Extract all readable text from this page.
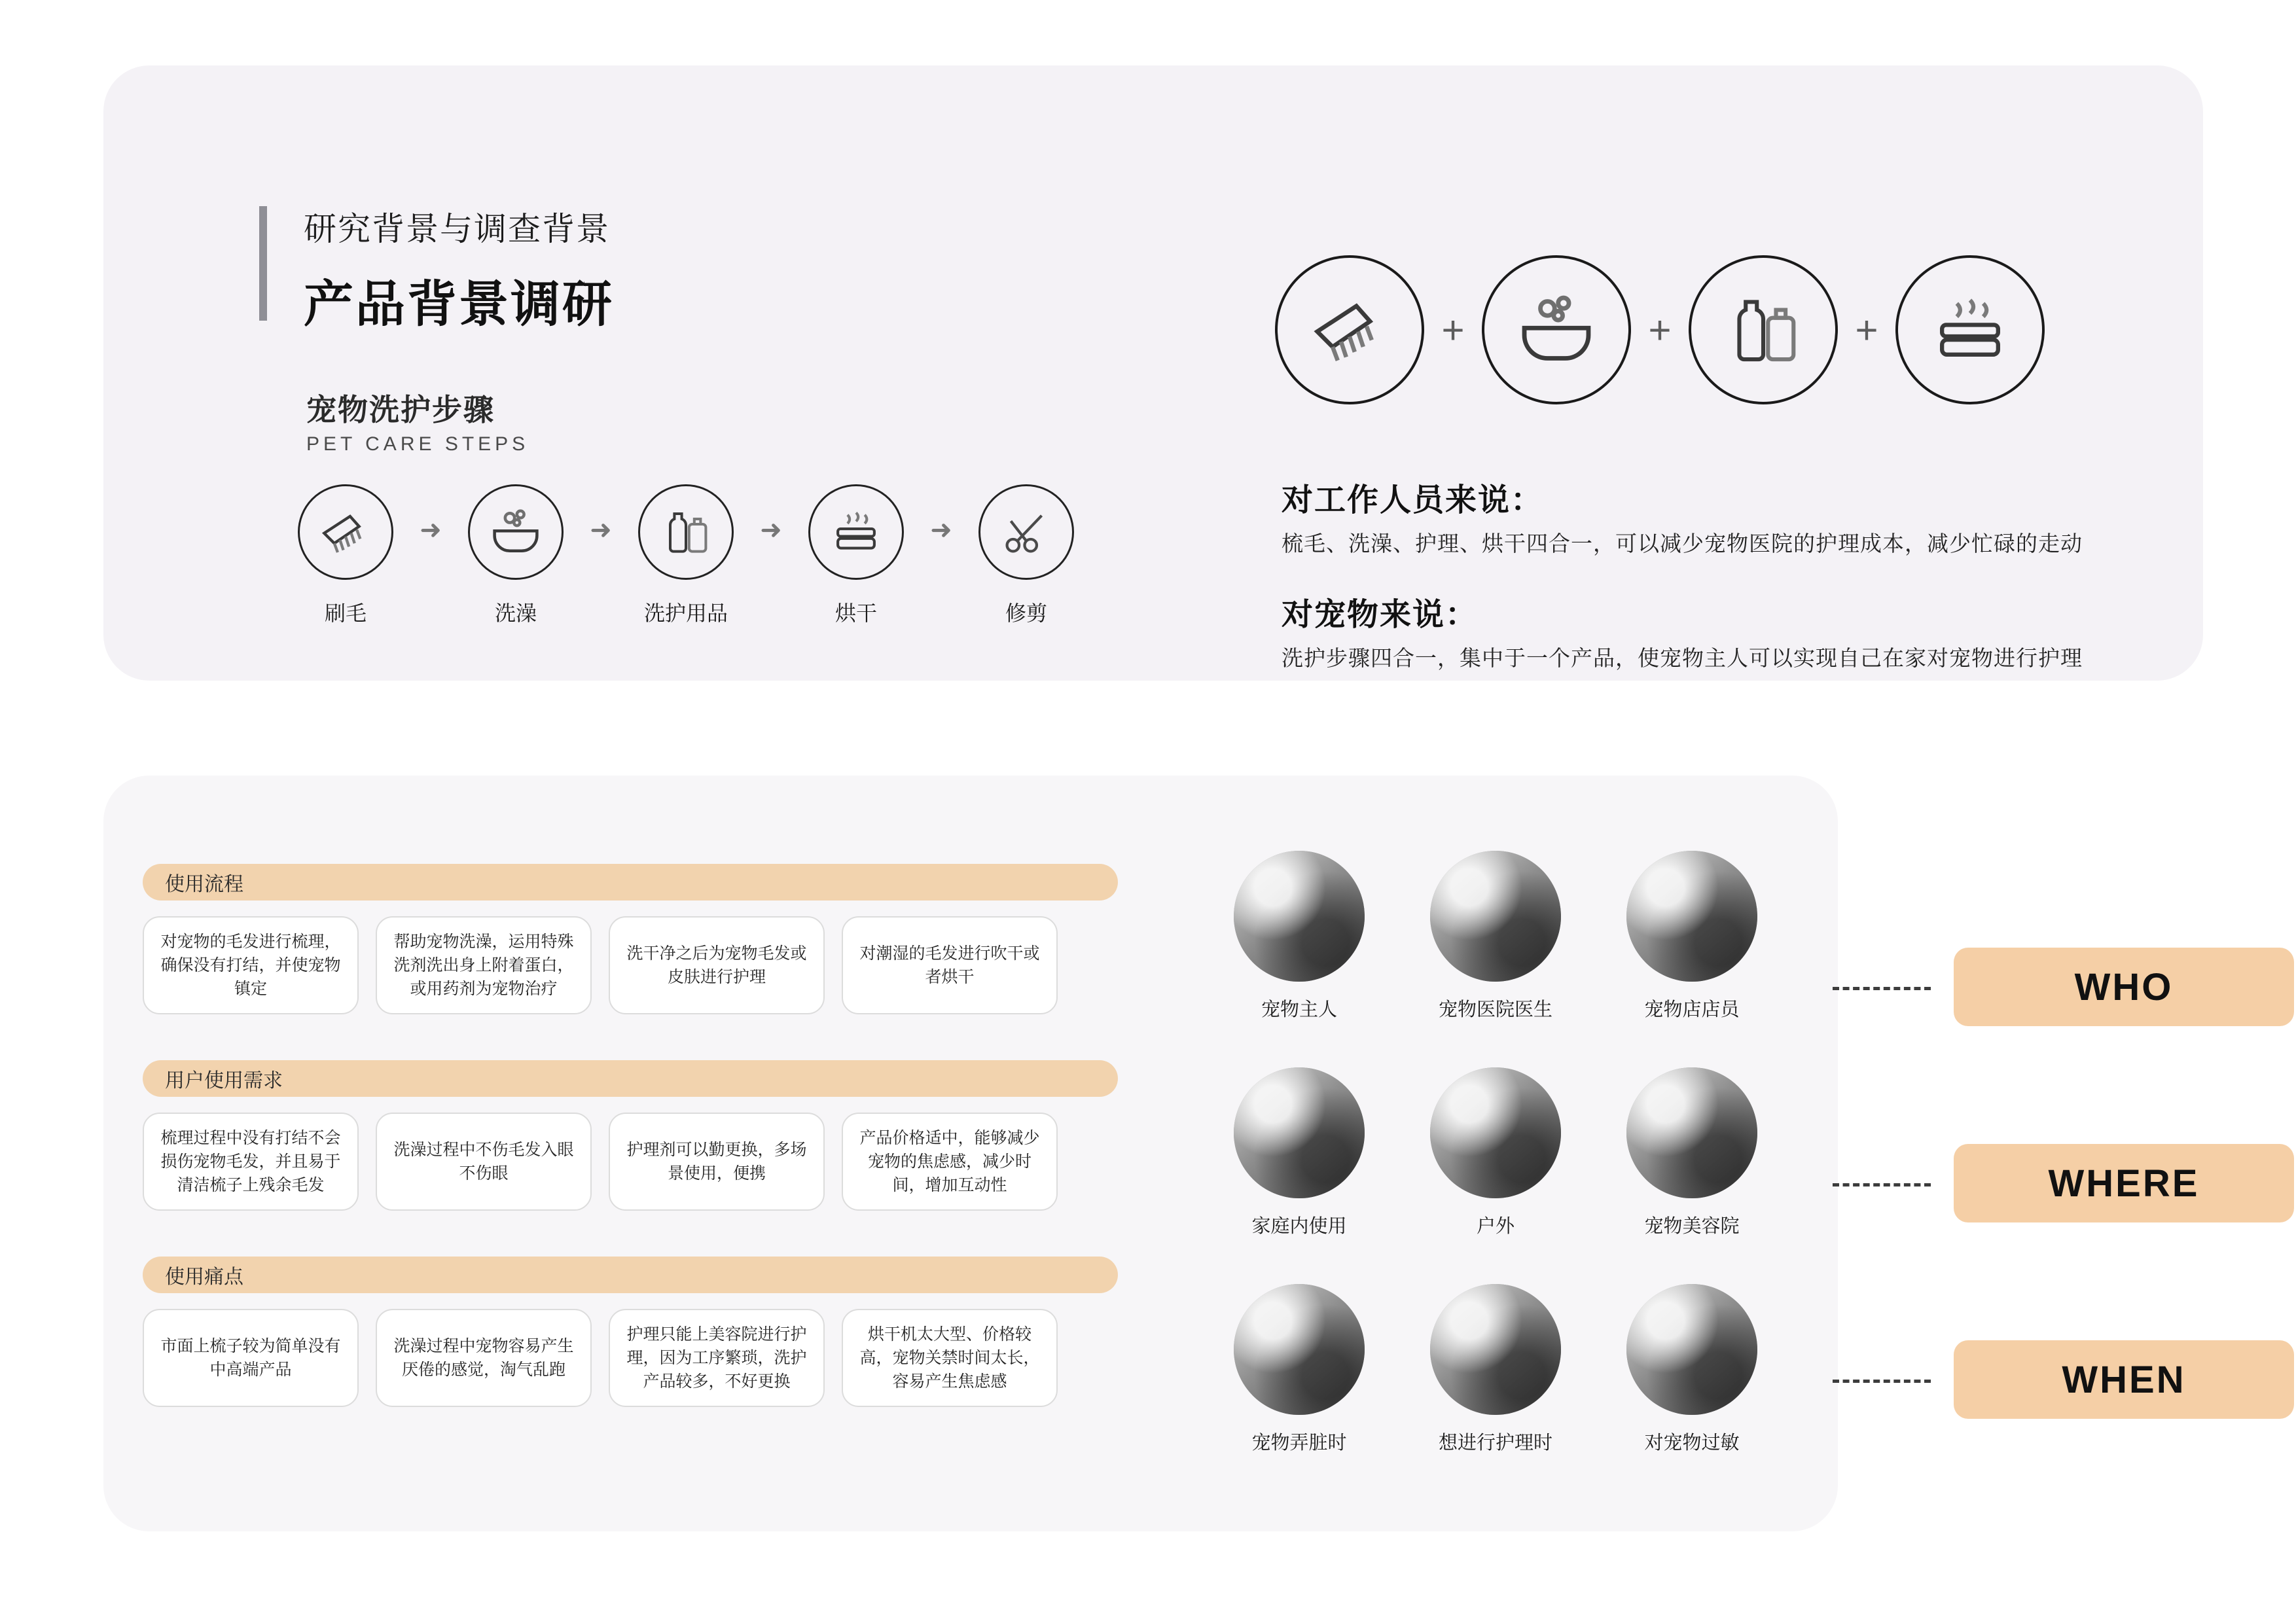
研究背景与调查背景
产品背景调研
宠物洗护步骤
PET CARE STEPS
刷毛
➜
洗澡
➜
洗护用品
➜
烘干
➜
修剪
+	+	+
对工作人员来说：
梳毛、洗澡、护理、烘干四合一，可以减少宠物医院的护理成本，减少忙碌的走动
对宠物来说：
洗护步骤四合一，集中于一个产品，使宠物主人可以实现自己在家对宠物进行护理
使用流程
对宠物的毛发进行梳理，确保没有打结，并使宠物镇定
帮助宠物洗澡，运用特殊洗剂洗出身上附着蛋白，或用药剂为宠物治疗
洗干净之后为宠物毛发或皮肤进行护理
对潮湿的毛发进行吹干或者烘干
用户使用需求
梳理过程中没有打结不会损伤宠物毛发，并且易于清洁梳子上残余毛发
洗澡过程中不伤毛发入眼不伤眼
护理剂可以勤更换，多场景使用，便携
产品价格适中，能够减少宠物的焦虑感，减少时间，增加互动性
使用痛点
市面上梳子较为简单没有中高端产品
洗澡过程中宠物容易产生厌倦的感觉，淘气乱跑
护理只能上美容院进行护理，因为工序繁琐，洗护产品较多，不好更换
烘干机太大型、价格较高，宠物关禁时间太长，容易产生焦虑感
宠物主人	宠物医院医生	宠物店店员
家庭内使用	户外	宠物美容院
宠物弄脏时	想进行护理时	对宠物过敏
WHO
WHERE
WHEN
